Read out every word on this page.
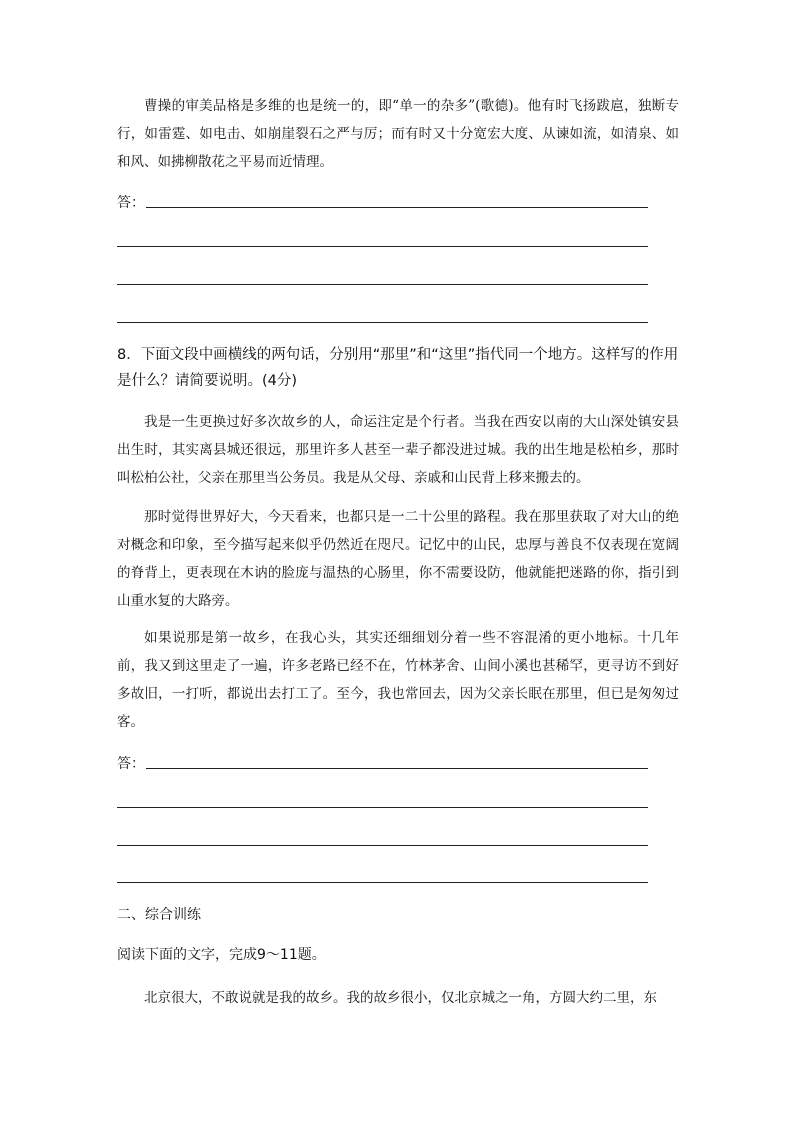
曹操的审美品格是多维的也是统一的，即“单一的杂多”(歌德)。他有时飞扬跋扈，独断专行，如雷霆、如电击、如崩崖裂石之严与厉；而有时又十分宽宏大度、从谏如流，如清泉、如和风、如拂柳散花之平易而近情理。

答：

8．下面文段中画横线的两句话，分别用“那里”和“这里”指代同一个地方。这样写的作用是什么？请简要说明。(4分)

我是一生更换过好多次故乡的人，命运注定是个行者。当我在西安以南的大山深处镇安县出生时，其实离县城还很远，那里许多人甚至一辈子都没进过城。我的出生地是松柏乡，那时叫松柏公社，父亲在那里当公务员。我是从父母、亲戚和山民背上移来搬去的。

那时觉得世界好大，今天看来，也都只是一二十公里的路程。我在那里获取了对大山的绝对概念和印象，至今描写起来似乎仍然近在咫尺。记忆中的山民，忠厚与善良不仅表现在宽阔的脊背上，更表现在木讷的脸庞与温热的心肠里，你不需要设防，他就能把迷路的你，指引到山重水复的大路旁。

如果说那是第一故乡，在我心头，其实还细细划分着一些不容混淆的更小地标。十几年前，我又到这里走了一遍，许多老路已经不在，竹林茅舍、山间小溪也甚稀罕，更寻访不到好多故旧，一打听，都说出去打工了。至今，我也常回去，因为父亲长眠在那里，但已是匆匆过客。

答：

二、综合训练

阅读下面的文字，完成9～11题。

北京很大，不敢说就是我的故乡。我的故乡很小，仅北京城之一角，方圆大约二里，东
